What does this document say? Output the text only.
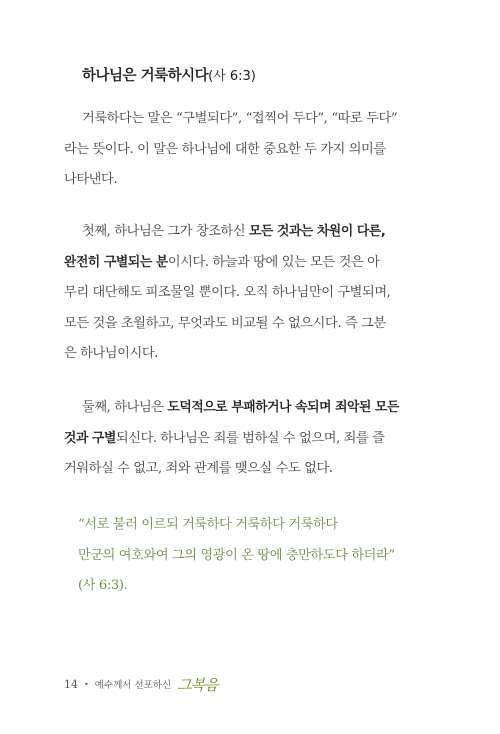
하나님은 거룩하시다(사 6:3)
거룩하다는 말은 “구별되다”, “접찍어 두다”, “따로 두다”
라는 뜻이다. 이 말은 하나님에 대한 중요한 두 가지 의미를
나타낸다.
첫째, 하나님은 그가 창조하신 모든 것과는 차원이 다른,
완전히 구별되는 분이시다. 하늘과 땅에 있는 모든 것은 아
무리 대단해도 피조물일 뿐이다. 오직 하나님만이 구별되며,
모든 것을 초월하고, 무엇과도 비교될 수 없으시다. 즉 그분
은 하나님이시다.
둘째, 하나님은 도덕적으로 부패하거나 속되며 죄악된 모든
것과 구별되신다. 하나님은 죄를 범하실 수 없으며, 죄를 즐
거워하실 수 없고, 죄와 관계를 맺으실 수도 없다.
“서로 불러 이르되 거룩하다 거룩하다 거룩하다
만군의 여호와여 그의 영광이 온 땅에 충만하도다 하더라”
(사 6:3).
14 • 예수께서 선포하신 그복음
